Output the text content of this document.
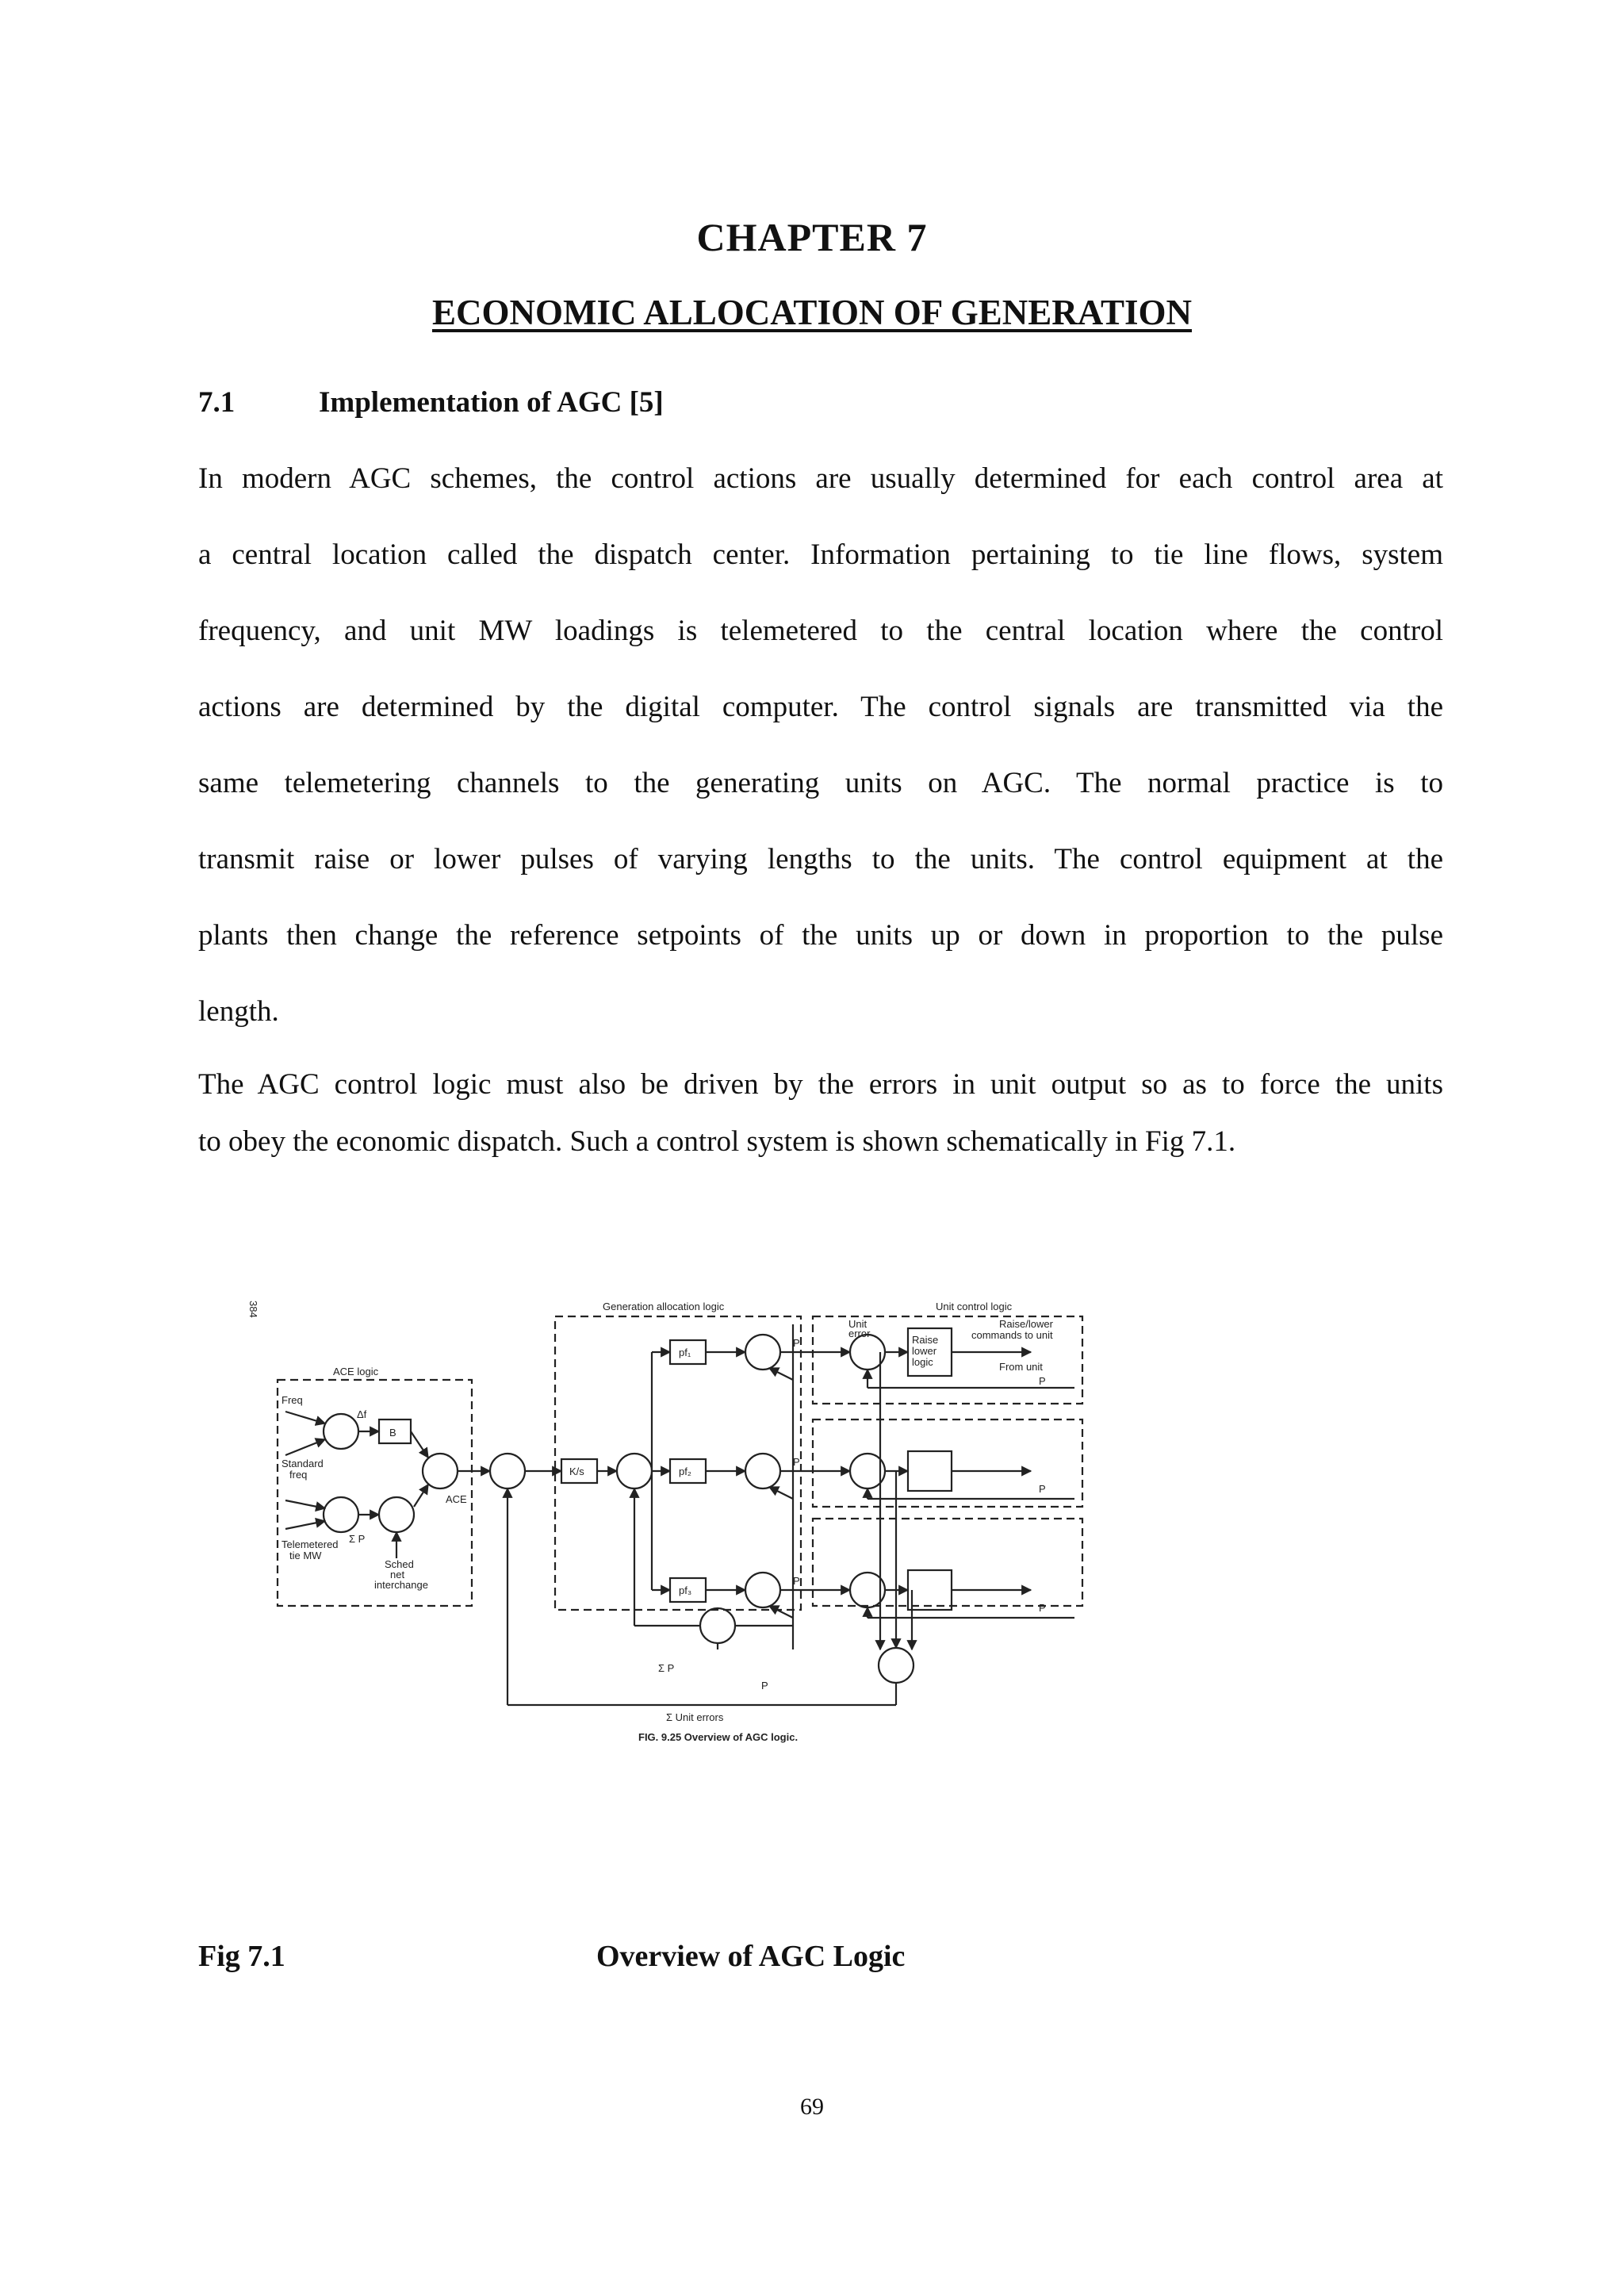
CHAPTER 7
ECONOMIC ALLOCATION OF GENERATION
7.1	Implementation of AGC [5]
In modern AGC schemes, the control actions are usually determined for each control area at
a central location called the dispatch center. Information pertaining to tie line flows, system
frequency, and unit MW loadings is telemetered to the central location where the control
actions are determined by the digital computer. The control signals are transmitted via the
same telemetering channels to the generating units on AGC. The normal practice is to
transmit raise or lower pulses of varying lengths to the units. The control equipment at the
plants then change the reference setpoints of the units up or down in proportion to the pulse
length.
The AGC control logic must also be driven by the errors in unit output so as to force the units
to obey the economic dispatch. Such a control system is shown schematically in Fig 7.1.
384
ACE logic
Freq
Δf
B
Standard
freq
Telemetered
tie MW
Σ P
Sched
net
interchange
ACE
K/s
Generation allocation logic
pf₁
pf₂
pf₃
Σ P
P
Unit control logic
Unit
error
Raise
lower
logic
Raise/lower
commands to unit
From unit
P
P
P
P
P
P
Σ Unit errors
FIG. 9.25 Overview of AGC logic.
Fig 7.1	Overview of AGC Logic
69
